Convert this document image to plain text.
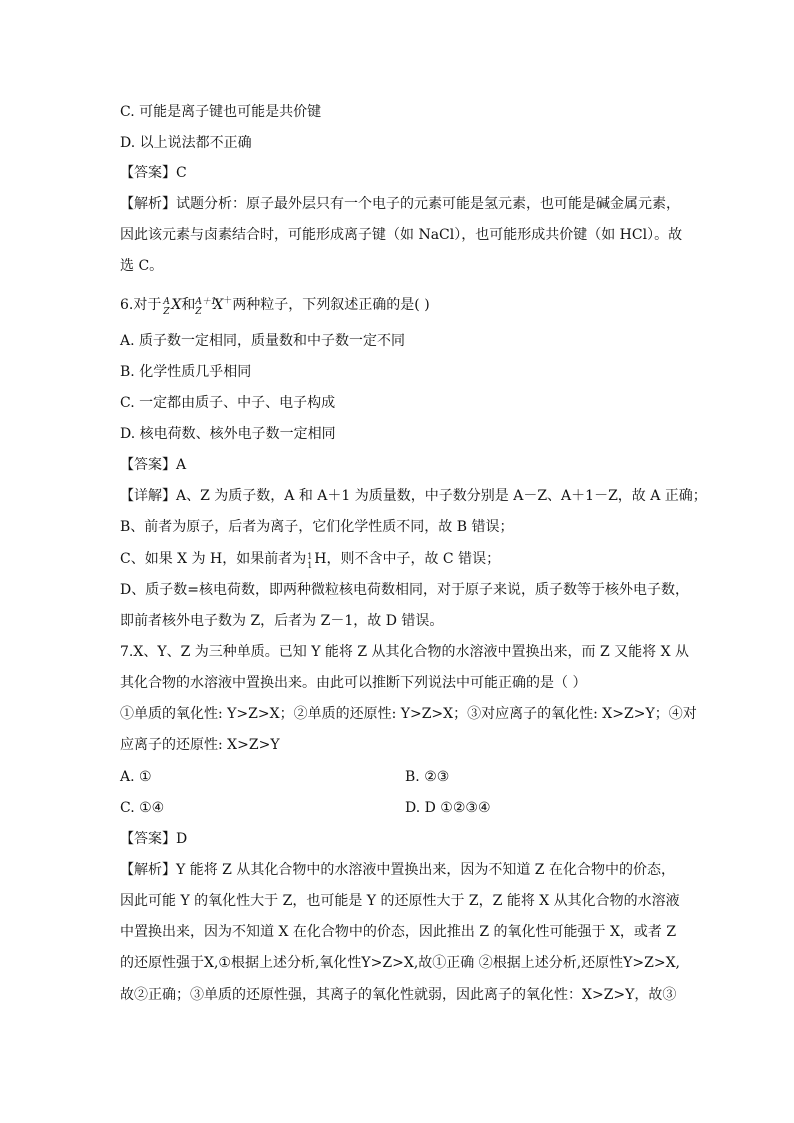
C. 可能是离子键也可能是共价键
D. 以上说法都不正确
【答案】C
【解析】试题分析：原子最外层只有一个电子的元素可能是氢元素，也可能是碱金属元素，
因此该元素与卤素结合时，可能形成离子键（如 NaCl），也可能形成共价键（如 HCl）。故
选 C。
6.对于 A
Z X和 A＋1
Z X＋两种粒子，下列叙述正确的是( )
A. 质子数一定相同，质量数和中子数一定不同
B. 化学性质几乎相同
C. 一定都由质子、中子、电子构成
D. 核电荷数、核外电子数一定相同
【答案】A
【详解】A、Z 为质子数，A 和 A＋1 为质量数，中子数分别是 A－Z、A＋1－Z，故 A 正确；
B、前者为原子，后者为离子，它们化学性质不同，故 B 错误；
C、如果 X 为 H，如果前者为 1
1 H，则不含中子，故 C 错误；
D、质子数=核电荷数，即两种微粒核电荷数相同，对于原子来说，质子数等于核外电子数，
即前者核外电子数为 Z，后者为 Z－1，故 D 错误。
7.X、Y、Z 为三种单质。已知 Y 能将 Z 从其化合物的水溶液中置换出来，而 Z 又能将 X 从
其化合物的水溶液中置换出来。由此可以推断下列说法中可能正确的是（ ）
①单质的氧化性: Y>Z>X；②单质的还原性: Y>Z>X；③对应离子的氧化性: X>Z>Y；④对
应离子的还原性: X>Z>Y
A. ①	B. ②③
C. ①④	D. D ①②③④
【答案】D
【解析】Y 能将 Z 从其化合物中的水溶液中置换出来，因为不知道 Z 在化合物中的价态，
因此可能 Y 的氧化性大于 Z，也可能是 Y 的还原性大于 Z，Z 能将 X 从其化合物的水溶液
中置换出来，因为不知道 X 在化合物中的价态，因此推出 Z 的氧化性可能强于 X，或者 Z
的还原性强于X,①根据上述分析,氧化性Y>Z>X,故①正确 ②根据上述分析,还原性Y>Z>X,
故②正确；③单质的还原性强，其离子的氧化性就弱，因此离子的氧化性：X>Z>Y，故③
